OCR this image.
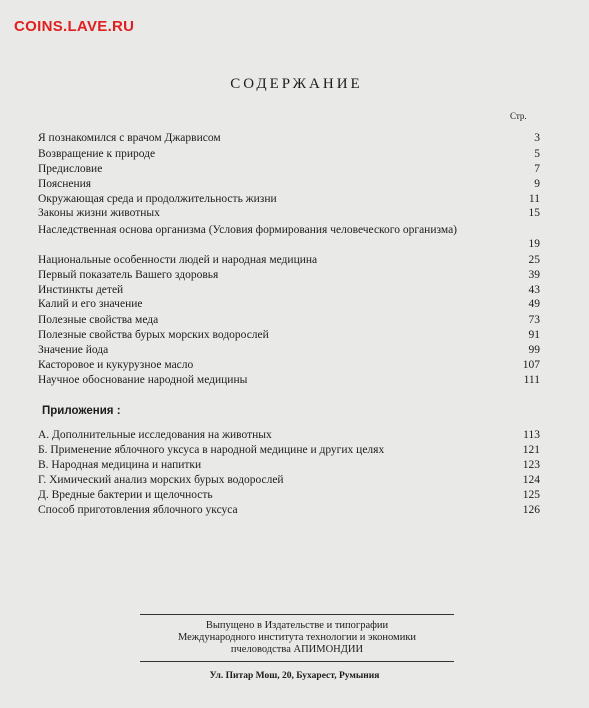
COINS.LAVE.RU
СОДЕРЖАНИЕ
Стр.
Я познакомился с врачом Джарвисом	3
Возвращение к природе	5
Предисловие	7
Пояснения	9
Окружающая среда и продолжительность жизни	11
Законы жизни животных	15
Наследственная основа организма (Условия формирования человеческого организма)
19
Национальные особенности людей и народная медицина	25
Первый показатель Вашего здоровья	39
Инстинкты детей	43
Калий и его значение	49
Полезные свойства меда	73
Полезные свойства бурых морских водорослей	91
Значение йода	99
Касторовое и кукурузное масло	107
Научное обоснование народной медицины	111
Приложения :
А. Дополнительные исследования на животных	113
Б. Применение яблочного уксуса в народной медицине и других целях	121
В. Народная медицина и напитки	123
Г. Химический анализ морских бурых водорослей	124
Д. Вредные бактерии и щелочность	125
Способ приготовления яблочного уксуса	126
Выпущено в Издательстве и типографии
Международного института технологии и экономики
пчеловодства АПИМОНДИИ
Ул. Питар Мош, 20, Бухарест, Румыния
